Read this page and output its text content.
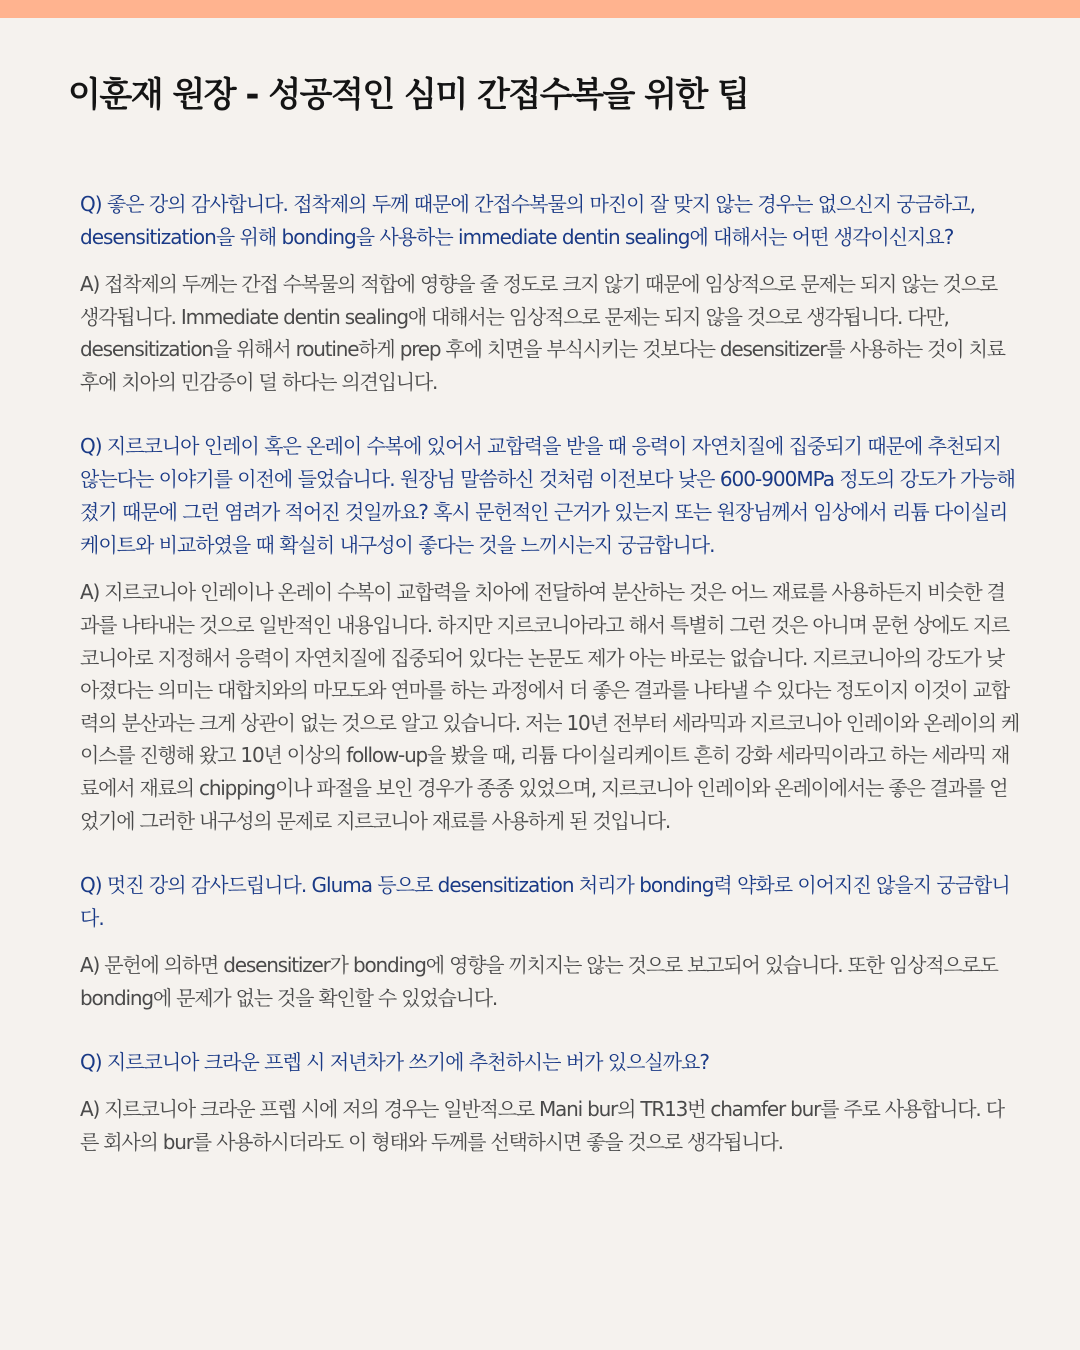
이훈재 원장 - 성공적인 심미 간접수복을 위한 팁

Q) 좋은 강의 감사합니다. 접착제의 두께 때문에 간접수복물의 마진이 잘 맞지 않는 경우는 없으신지 궁금하고, desensitization을 위해 bonding을 사용하는 immediate dentin sealing에 대해서는 어떤 생각이신지요?

A) 접착제의 두께는 간접 수복물의 적합에 영향을 줄 정도로 크지 않기 때문에 임상적으로 문제는 되지 않는 것으로 생각됩니다. Immediate dentin sealing애 대해서는 임상적으로 문제는 되지 않을 것으로 생각됩니다. 다만, desensitization을 위해서 routine하게 prep 후에 치면을 부식시키는 것보다는 desensitizer를 사용하는 것이 치료 후에 치아의 민감증이 덜 하다는 의견입니다.

Q) 지르코니아 인레이 혹은 온레이 수복에 있어서 교합력을 받을 때 응력이 자연치질에 집중되기 때문에 추천되지 않는다는 이야기를 이전에 들었습니다. 원장님 말씀하신 것처럼 이전보다 낮은 600-900MPa 정도의 강도가 가능해졌기 때문에 그런 염려가 적어진 것일까요? 혹시 문헌적인 근거가 있는지 또는 원장님께서 임상에서 리튬 다이실리케이트와 비교하였을 때 확실히 내구성이 좋다는 것을 느끼시는지 궁금합니다.

A) 지르코니아 인레이나 온레이 수복이 교합력을 치아에 전달하여 분산하는 것은 어느 재료를 사용하든지 비슷한 결과를 나타내는 것으로 일반적인 내용입니다. 하지만 지르코니아라고 해서 특별히 그런 것은 아니며 문헌 상에도 지르코니아로 지정해서 응력이 자연치질에 집중되어 있다는 논문도 제가 아는 바로는 없습니다. 지르코니아의 강도가 낮아졌다는 의미는 대합치와의 마모도와 연마를 하는 과정에서 더 좋은 결과를 나타낼 수 있다는 정도이지 이것이 교합력의 분산과는 크게 상관이 없는 것으로 알고 있습니다. 저는 10년 전부터 세라믹과 지르코니아 인레이와 온레이의 케이스를 진행해 왔고 10년 이상의 follow-up을 봤을 때, 리튬 다이실리케이트 흔히 강화 세라믹이라고 하는 세라믹 재료에서 재료의 chipping이나 파절을 보인 경우가 종종 있었으며, 지르코니아 인레이와 온레이에서는 좋은 결과를 얻었기에 그러한 내구성의 문제로 지르코니아 재료를 사용하게 된 것입니다.

Q) 멋진 강의 감사드립니다. Gluma 등으로 desensitization 처리가 bonding력 약화로 이어지진 않을지 궁금합니다.

A) 문헌에 의하면 desensitizer가 bonding에 영향을 끼치지는 않는 것으로 보고되어 있습니다. 또한 임상적으로도 bonding에 문제가 없는 것을 확인할 수 있었습니다.

Q) 지르코니아 크라운 프렙 시 저년차가 쓰기에 추천하시는 버가 있으실까요?

A) 지르코니아 크라운 프렙 시에 저의 경우는 일반적으로 Mani bur의 TR13번 chamfer bur를 주로 사용합니다. 다른 회사의 bur를 사용하시더라도 이 형태와 두께를 선택하시면 좋을 것으로 생각됩니다.
